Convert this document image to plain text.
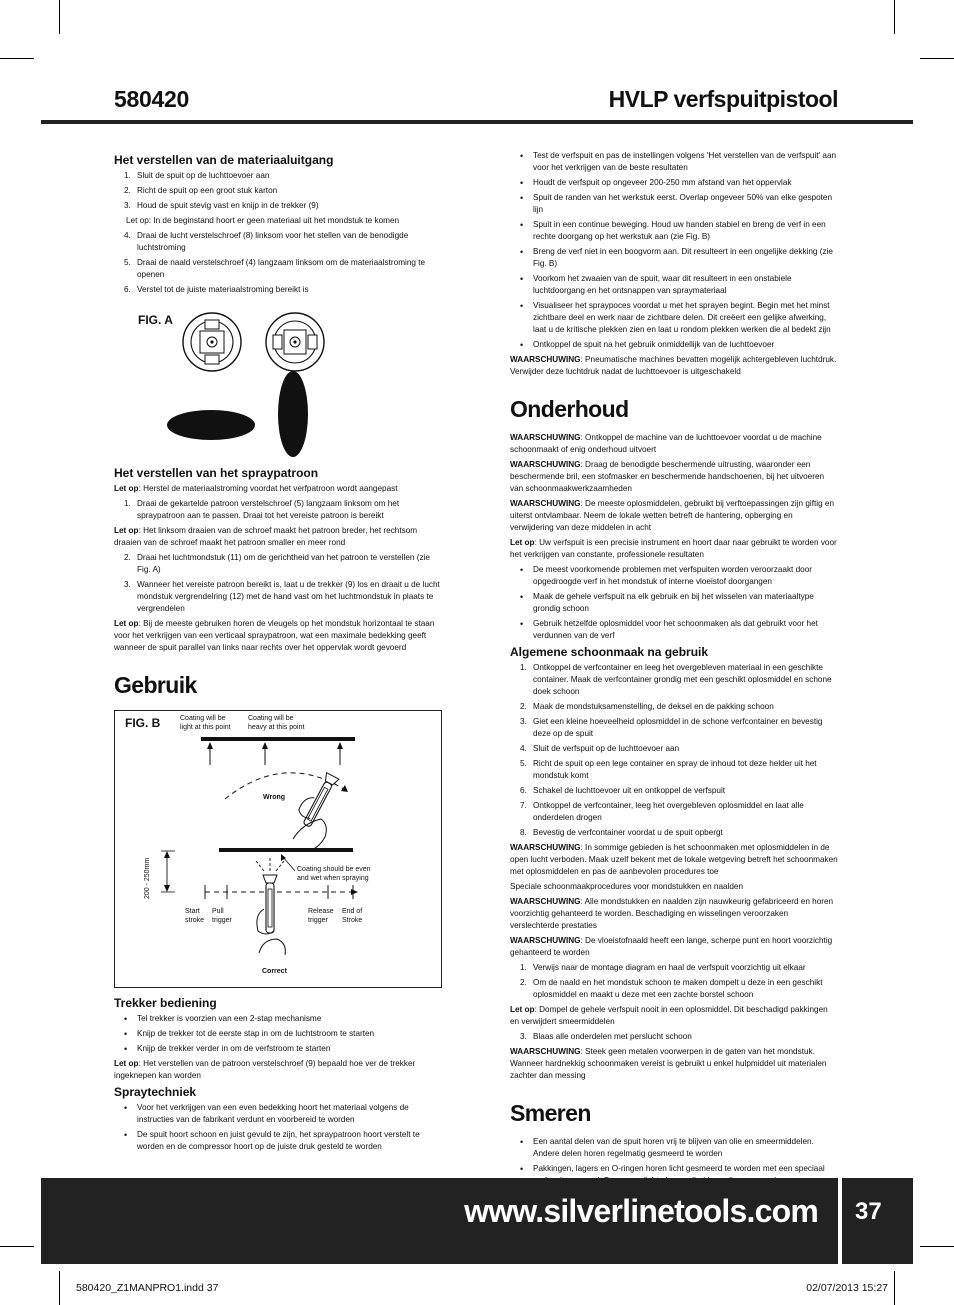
580420	HVLP verfspuitpistool
Het verstellen van de materiaaluitgang
1. Sluit de spuit op de luchttoevoer aan
2. Richt de spuit op een groot stuk karton
3. Houd de spuit stevig vast en knijp in de trekker (9)
Let op: In de beginstand hoort er geen materiaal uit het mondstuk te komen
4. Draai de lucht verstelschroef (8) linksom voor het stellen van de benodigde luchtstroming
5. Draai de naald verstelschroef (4) langzaam linksom om de materiaalstroming te openen
6. Verstel tot de juiste materiaalstroming bereikt is
FIG. A
Het verstellen van het spraypatroon
Let op: Herstel de materiaalstroming voordat het verfpatroon wordt aangepast
1. Draai de gekartelde patroon verstelschroef (5) langzaam linksom om het spraypatroon aan te passen. Draai tot het vereiste patroon is bereikt
Let op: Het linksom draaien van de schroef maakt het patroon breder, het rechtsom draaien van de schroef maakt het patroon smaller en meer rond
2. Draai het luchtmondstuk (11) om de gerichtheid van het patroon te verstellen (zie Fig. A)
3. Wanneer het vereiste patroon bereikt is, laat u de trekker (9) los en draait u de lucht mondstuk vergrendelring (12) met de hand vast om het luchtmondstuk in plaats te vergrendelen
Let op: Bij de meeste gebruiken horen de vleugels op het mondstuk horizontaal te staan voor het verkrijgen van een verticaal spraypatroon, wat een maximale bedekking geeft wanneer de spuit parallel van links naar rechts over het oppervlak wordt gevoerd
Gebruik
FIG. B	Coating will be
light at this point
Coating will be
heavy at this point
Wrong
Coating should be even
and wet when spraying
200 - 250mm
Start
stroke
Pull
trigger
Release
trigger
End of
Stroke
Correct
Trekker bediening
• Tel trekker is voorzien van een 2-stap mechanisme
• Knijp de trekker tot de eerste stap in om de luchtstroom te starten
• Knijp de trekker verder in om de verfstroom te starten
Let op: Het verstellen van de patroon verstelschroef (9) bepaald hoe ver de trekker ingeknepen kan worden
Spraytechniek
• Voor het verkrijgen van een even bedekking hoort het materiaal volgens de instructies van de fabrikant verdunt en voorbereid te worden
• De spuit hoort schoon en juist gevuld te zijn, het spraypatroon hoort verstelt te worden en de compressor hoort op de juiste druk gesteld te worden
• Test de verfspuit en pas de instellingen volgens 'Het verstellen van de verfspuit' aan voor het verkrijgen van de beste resultaten
• Houdt de verfspuit op ongeveer 200-250 mm afstand van het oppervlak
• Spuit de randen van het werkstuk eerst. Overlap ongeveer 50% van elke gespoten lijn
• Spuit in een continue beweging. Houd uw handen stabiel en breng de verf in een rechte doorgang op het werkstuk aan (zie Fig. B)
• Breng de verf niet in een boogvorm aan. Dit resulteert in een ongelijke dekking (zie Fig. B)
• Voorkom het zwaaien van de spuit, waar dit resulteert in een onstabiele luchtdoorgang en het ontsnappen van spraymateriaal
• Visualiseer het spraypoces voordat u met het sprayen begint. Begin met het minst zichtbare deel en werk naar de zichtbare delen. Dit creëert een gelijke afwerking, laat u de kritische plekken zien en laat u rondom plekken werken die al bedekt zijn
• Ontkoppel de spuit na het gebruik onmiddellijk van de luchttoevoer
WAARSCHUWING: Pneumatische machines bevatten mogelijk achtergebleven luchtdruk. Verwijder deze luchtdruk nadat de luchttoevoer is uitgeschakeld
Onderhoud
WAARSCHUWING: Ontkoppel de machine van de luchttoevoer voordat u de machine schoonmaakt of enig onderhoud uitvoert
WAARSCHUWING: Draag de benodigde beschermende uitrusting, waaronder een beschermende bril, een stofmasker en beschermende handschoenen, bij het uitvoeren van schoonmaakwerkzaamheden
WAARSCHUWING: De meeste oplosmiddelen, gebruikt bij verftoepassingen zijn giftig en uiterst ontvlambaar. Neem de lokale wetten betreft de hantering, opberging en verwijdering van deze middelen in acht
Let op: Uw verfspuit is een precisie instrument en hoort daar naar gebruikt te worden voor het verkrijgen van constante, professionele resultaten
• De meest voorkomende problemen met verfspuiten worden veroorzaakt door opgedroogde verf in het mondstuk of interne vloeistof doorgangen
• Maak de gehele verfspuit na elk gebruik en bij het wisselen van materiaaltype grondig schoon
• Gebruik hetzelfde oplosmiddel voor het schoonmaken als dat gebruikt voor het verdunnen van de verf
Algemene schoonmaak na gebruik
1. Ontkoppel de verfcontainer en leeg het overgebleven materiaal in een geschikte container. Maak de verfcontainer grondig met een geschikt oplosmiddel en schone doek schoon
2. Maak de mondstuksamenstelling, de deksel en de pakking schoon
3. Giet een kleine hoeveelheid oplosmiddel in de schone verfcontainer en bevestig deze op de spuit
4. Sluit de verfspuit op de luchttoevoer aan
5. Richt de spuit op een lege container en spray de inhoud tot deze helder uit het mondstuk komt
6. Schakel de luchttoevoer uit en ontkoppel de verfspuit
7. Ontkoppel de verfcontainer, leeg het overgebleven oplosmiddel en laat alle onderdelen drogen
8. Bevestig de verfcontainer voordat u de spuit opbergt
WAARSCHUWING: In sommige gebieden is het schoonmaken met oplosmiddelen in de open lucht verboden. Maak uzelf bekent met de lokale wetgeving betreft het schoonmaken met oplosmiddelen en pas de aanbevolen procedures toe
Speciale schoonmaakprocedures voor mondstukken en naalden
WAARSCHUWING: Alle mondstukken en naalden zijn nauwkeurig gefabriceerd en horen voorzichtig gehanteerd te worden. Beschadiging en wisselingen veroorzaken verslechterde prestaties
WAARSCHUWING: De vloeistofnaald heeft een lange, scherpe punt en hoort voorzichtig gehanteerd te worden
1. Verwijs naar de montage diagram en haal de verfspuit voorzichtig uit elkaar
2. Om de naald en het mondstuk schoon te maken dompelt u deze in een geschikt oplosmiddel en maakt u deze met een zachte borstel schoon
Let op: Dompel de gehele verfspuit nooit in een oplosmiddel. Dit beschadigd pakkingen en verwijdert smeermiddelen
3. Blaas alle onderdelen met perslucht schoon
WAARSCHUWING: Steek geen metalen voorwerpen in de gaten van het mondstuk. Wanneer hardnekkig schoonmaken vereist is gebruikt u enkel hulpmiddel uit materialen zachter dan messing
Smeren
• Een aantal delen van de spuit horen vrij te blijven van olie en smeermiddelen. Andere delen horen regelmatig gesmeerd te worden
• Pakkingen, lagers en O-ringen horen licht gesmeerd te worden met een speciaal
www.silverlinetools.com 37
580420_Z1MANPRO1.indd 37	02/07/2013 15:27
